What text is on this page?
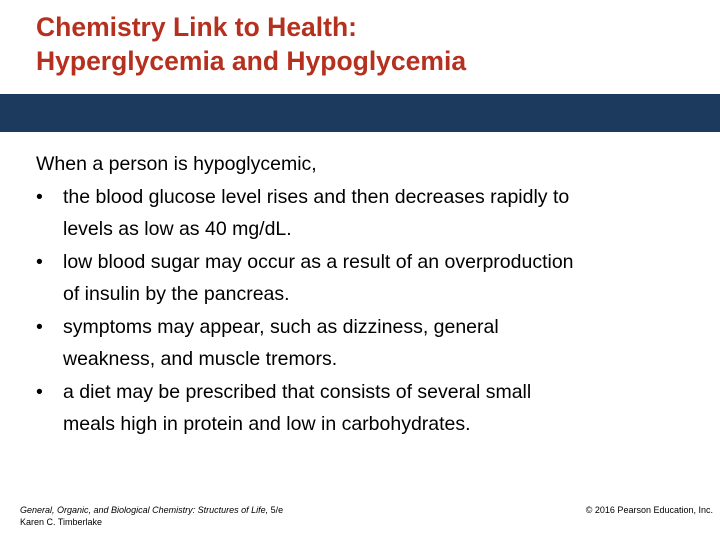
Chemistry Link to Health:
Hyperglycemia and Hypoglycemia
When a person is hypoglycemic,
• the blood glucose level rises and then decreases rapidly to
levels as low as 40 mg/dL.
• low blood sugar may occur as a result of an overproduction
of insulin by the pancreas.
• symptoms may appear, such as dizziness, general
weakness, and muscle tremors.
• a diet may be prescribed that consists of several small
meals high in protein and low in carbohydrates.
General, Organic, and Biological Chemistry: Structures of Life, 5/e
Karen C. Timberlake
© 2016 Pearson Education, Inc.
